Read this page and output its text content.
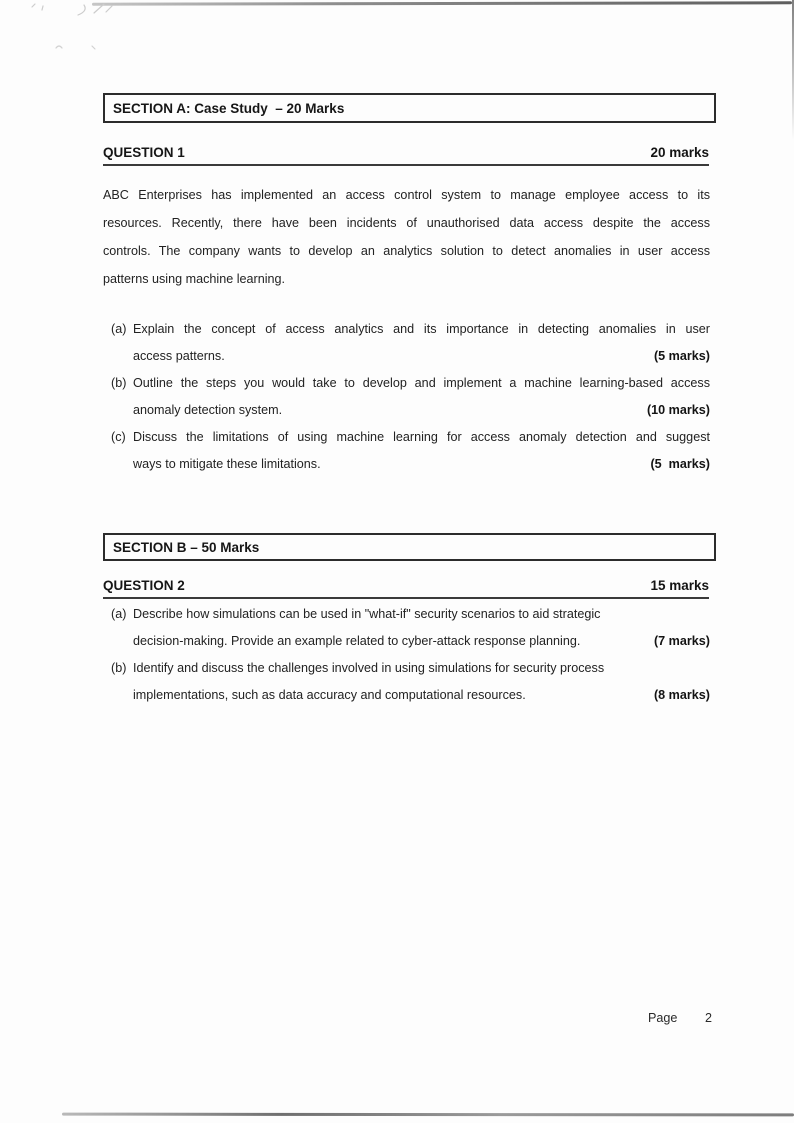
SECTION A: Case Study  – 20 Marks
QUESTION 1	20 marks
ABC Enterprises has implemented an access control system to manage employee access to its
resources. Recently, there have been incidents of unauthorised data access despite the access
controls. The company wants to develop an analytics solution to detect anomalies in user access
patterns using machine learning.
(a) Explain the concept of access analytics and its importance in detecting anomalies in user
access patterns.	(5 marks)
(b) Outline the steps you would take to develop and implement a machine learning-based access
anomaly detection system.	(10 marks)
(c) Discuss the limitations of using machine learning for access anomaly detection and suggest
ways to mitigate these limitations.	(5  marks)
SECTION B – 50 Marks
QUESTION 2	15 marks
(a) Describe how simulations can be used in "what-if" security scenarios to aid strategic
decision-making. Provide an example related to cyber-attack response planning.	(7 marks)
(b) Identify and discuss the challenges involved in using simulations for security process
implementations, such as data accuracy and computational resources.	(8 marks)
Page 2
